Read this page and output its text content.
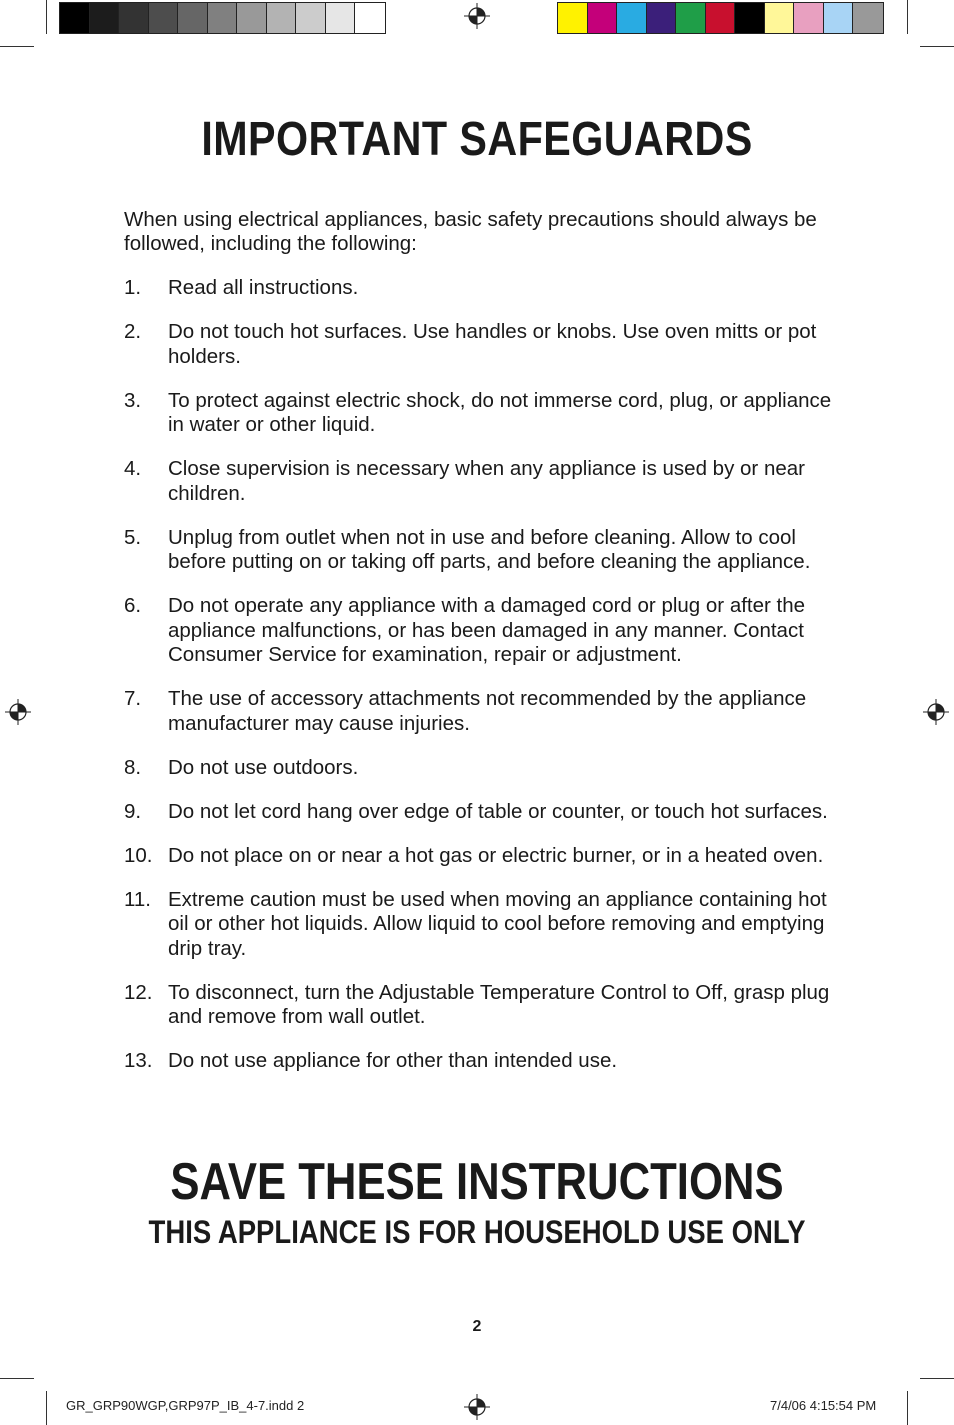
IMPORTANT SAFEGUARDS

When using electrical appliances, basic safety precautions should always be followed, including the following:

1. Read all instructions.
2. Do not touch hot surfaces. Use handles or knobs. Use oven mitts or pot holders.
3. To protect against electric shock, do not immerse cord, plug, or appliance in water or other liquid.
4. Close supervision is necessary when any appliance is used by or near children.
5. Unplug from outlet when not in use and before cleaning. Allow to cool before putting on or taking off parts, and before cleaning the appliance.
6. Do not operate any appliance with a damaged cord or plug or after the appliance malfunctions, or has been damaged in any manner. Contact Consumer Service for examination, repair or adjustment.
7. The use of accessory attachments not recommended by the appliance manufacturer may cause injuries.
8. Do not use outdoors.
9. Do not let cord hang over edge of table or counter, or touch hot surfaces.
10. Do not place on or near a hot gas or electric burner, or in a heated oven.
11. Extreme caution must be used when moving an appliance containing hot oil or other hot liquids. Allow liquid to cool before removing and emptying drip tray.
12. To disconnect, turn the Adjustable Temperature Control to Off, grasp plug and remove from wall outlet.
13. Do not use appliance for other than intended use.
SAVE THESE INSTRUCTIONS
THIS APPLIANCE IS FOR HOUSEHOLD USE ONLY
2
GR_GRP90WGP,GRP97P_IB_4-7.indd 2	7/4/06 4:15:54 PM
